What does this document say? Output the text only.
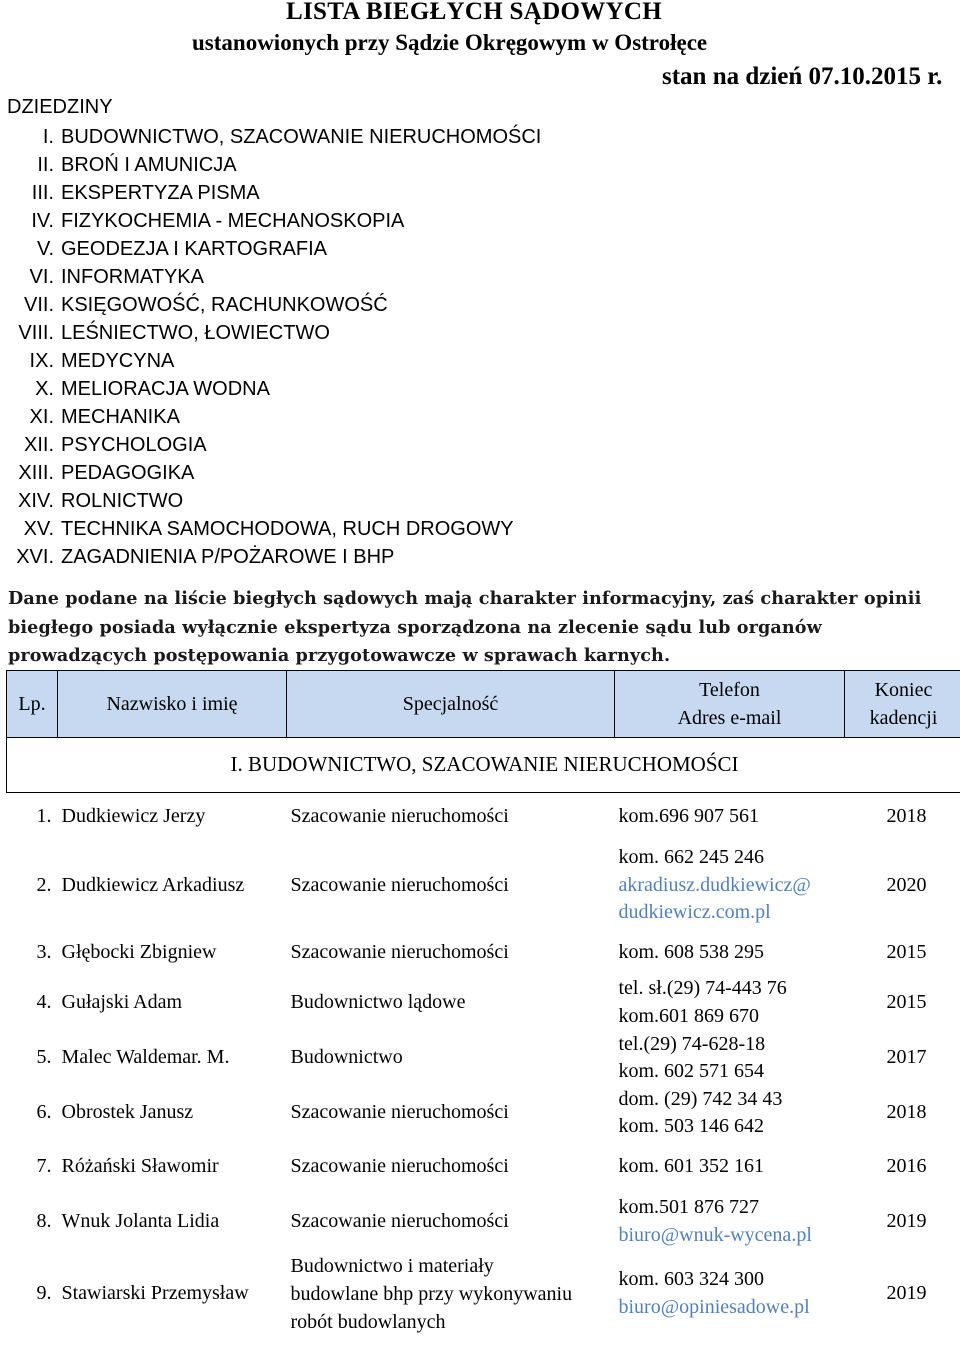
LISTA BIEGŁYCH SĄDOWYCH
ustanowionych przy Sądzie Okręgowym w Ostrołęce
stan na dzień 07.10.2015 r.
DZIEDZINY
I. BUDOWNICTWO, SZACOWANIE NIERUCHOMOŚCI
II. BROŃ I AMUNICJA
III. EKSPERTYZA PISMA
IV. FIZYKOCHEMIA - MECHANOSKOPIA
V. GEODEZJA I KARTOGRAFIA
VI. INFORMATYKA
VII. KSIĘGOWOŚĆ, RACHUNKOWOŚĆ
VIII. LEŚNIECTWO, ŁOWIECTWO
IX. MEDYCYNA
X. MELIORACJA WODNA
XI. MECHANIKA
XII. PSYCHOLOGIA
XIII. PEDAGOGIKA
XIV. ROLNICTWO
XV. TECHNIKA SAMOCHODOWA, RUCH DROGOWY
XVI. ZAGADNIENIA P/POŻAROWE I BHP
Dane podane na liście biegłych sądowych mają charakter informacyjny, zaś charakter opinii biegłego posiada wyłącznie ekspertyza sporządzona na zlecenie sądu lub organów prowadzących postępowania przygotowawcze w sprawach karnych.
Lp.	Nazwisko i imię	Specjalność	Telefon
Adres e-mail	Koniec
kadencji

I. BUDOWNICTWO, SZACOWANIE NIERUCHOMOŚCI				
1.	Dudkiewicz Jerzy	Szacowanie nieruchomości	kom.696 907 561	2018
2.	Dudkiewicz Arkadiusz	Szacowanie nieruchomości	kom. 662 245 246
akradiusz.dudkiewicz@
dudkiewicz.com.pl	2020
3.	Głębocki Zbigniew	Szacowanie nieruchomości	kom. 608 538 295	2015
4.	Gułajski Adam	Budownictwo lądowe	tel. sł.(29) 74-443 76
kom.601 869 670	2015
5.	Malec Waldemar. M.	Budownictwo	tel.(29) 74-628-18
kom. 602 571 654	2017
6.	Obrostek Janusz	Szacowanie nieruchomości	dom. (29) 742 34 43
kom. 503 146 642	2018
7.	Różański Sławomir	Szacowanie nieruchomości	kom. 601 352 161	2016
8.	Wnuk Jolanta Lidia	Szacowanie nieruchomości	kom.501 876 727
biuro@wnuk-wycena.pl	2019
9.	Stawiarski Przemysław	Budownictwo i materiały
budowlane bhp przy wykonywaniu
robót budowlanych	kom. 603 324 300
biuro@opiniesadowe.pl	2019
